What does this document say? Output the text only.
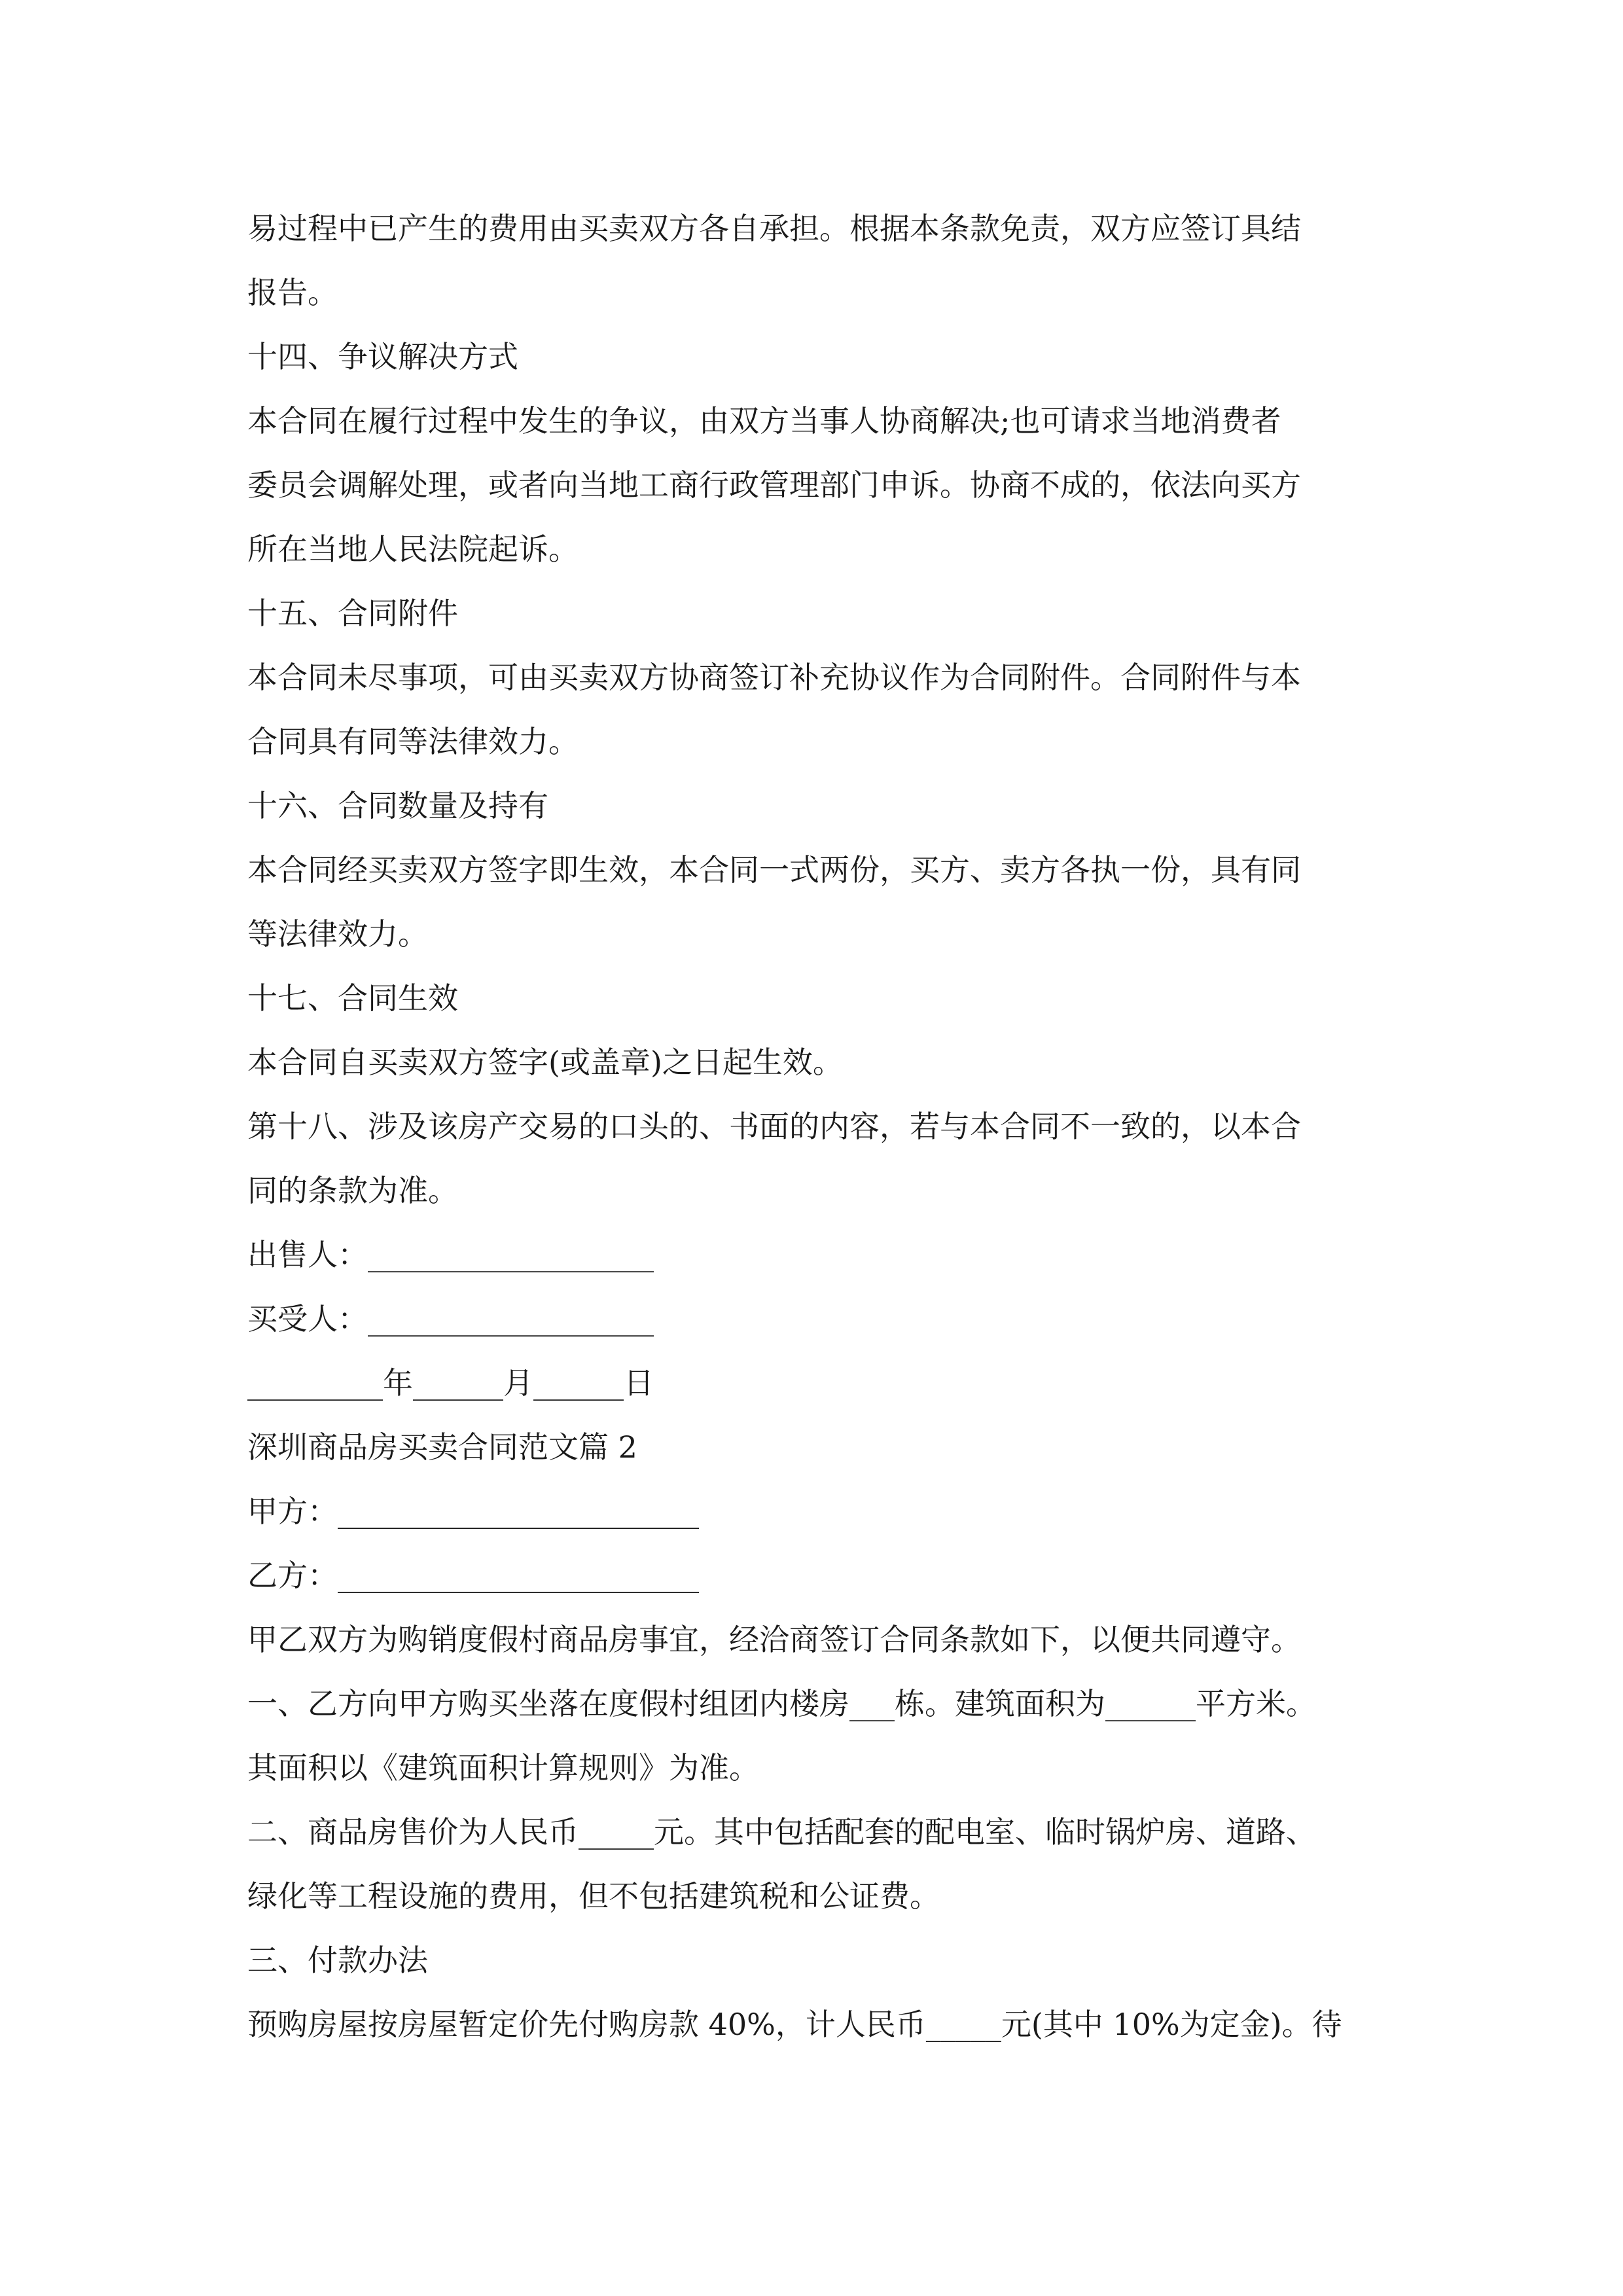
易过程中已产生的费用由买卖双方各自承担。根据本条款免责，双方应签订具结
报告。
十四、争议解决方式
本合同在履行过程中发生的争议，由双方当事人协商解决;也可请求当地消费者
委员会调解处理，或者向当地工商行政管理部门申诉。协商不成的，依法向买方
所在当地人民法院起诉。
十五、合同附件
本合同未尽事项，可由买卖双方协商签订补充协议作为合同附件。合同附件与本
合同具有同等法律效力。
十六、合同数量及持有
本合同经买卖双方签字即生效，本合同一式两份，买方、卖方各执一份，具有同
等法律效力。
十七、合同生效
本合同自买卖双方签字(或盖章)之日起生效。
第十八、涉及该房产交易的口头的、书面的内容，若与本合同不一致的，以本合
同的条款为准。
出售人：___________________
买受人：___________________
_________年______月______日
深圳商品房买卖合同范文篇 2
甲方：________________________
乙方：________________________
甲乙双方为购销度假村商品房事宜，经洽商签订合同条款如下，以便共同遵守。
一、乙方向甲方购买坐落在度假村组团内楼房___栋。建筑面积为______平方米。
其面积以《建筑面积计算规则》为准。
二、商品房售价为人民币_____元。其中包括配套的配电室、临时锅炉房、道路、
绿化等工程设施的费用，但不包括建筑税和公证费。
三、付款办法
预购房屋按房屋暂定价先付购房款 40%，计人民币_____元(其中 10%为定金)。待
